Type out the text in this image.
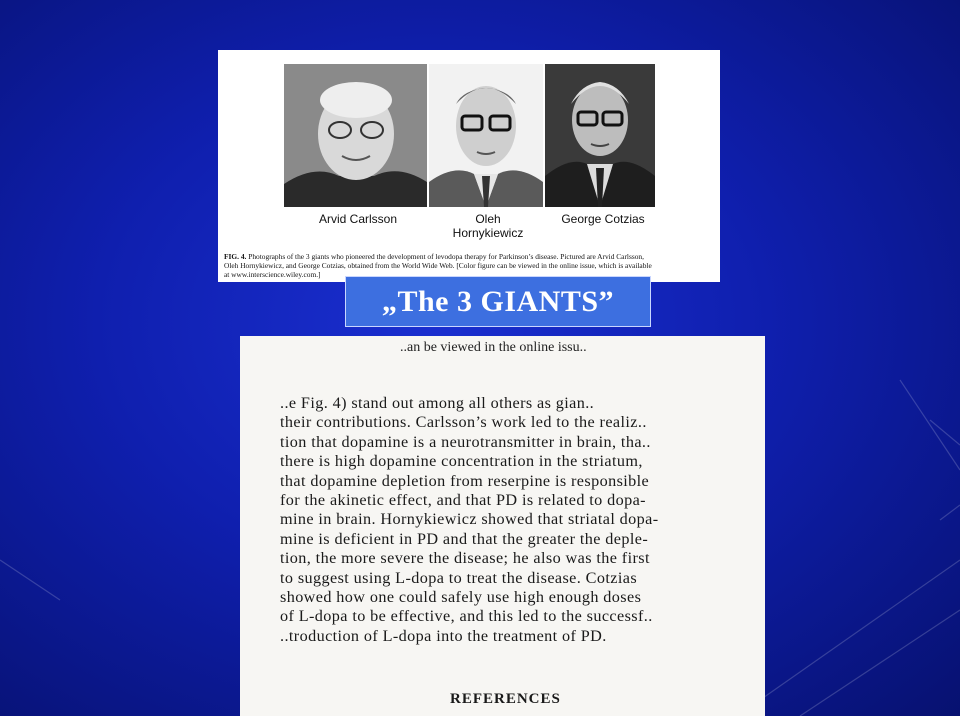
Arvid Carlsson	Oleh
Hornykiewicz
George Cotzias
FIG. 4. Photographs of the 3 giants who pioneered the development of levodopa therapy for Parkinson’s disease. Pictured are Arvid Carlsson,
Oleh Hornykiewicz, and George Cotzias, obtained from the World Wide Web. [Color figure can be viewed in the online issue, which is available
at www.interscience.wiley.com.]
„The 3 GIANTS”
..an be viewed in the online issu..
..e Fig. 4) stand out among all others as gian..
their contributions. Carlsson’s work led to the realiz..
tion that dopamine is a neurotransmitter in brain, tha..
there is high dopamine concentration in the striatum,
that dopamine depletion from reserpine is responsible
for the akinetic effect, and that PD is related to dopa-
mine in brain. Hornykiewicz showed that striatal dopa-
mine is deficient in PD and that the greater the deple-
tion, the more severe the disease; he also was the first
to suggest using L-dopa to treat the disease. Cotzias
showed how one could safely use high enough doses
of L-dopa to be effective, and this led to the successf..
..troduction of L-dopa into the treatment of PD.
REFERENCES
